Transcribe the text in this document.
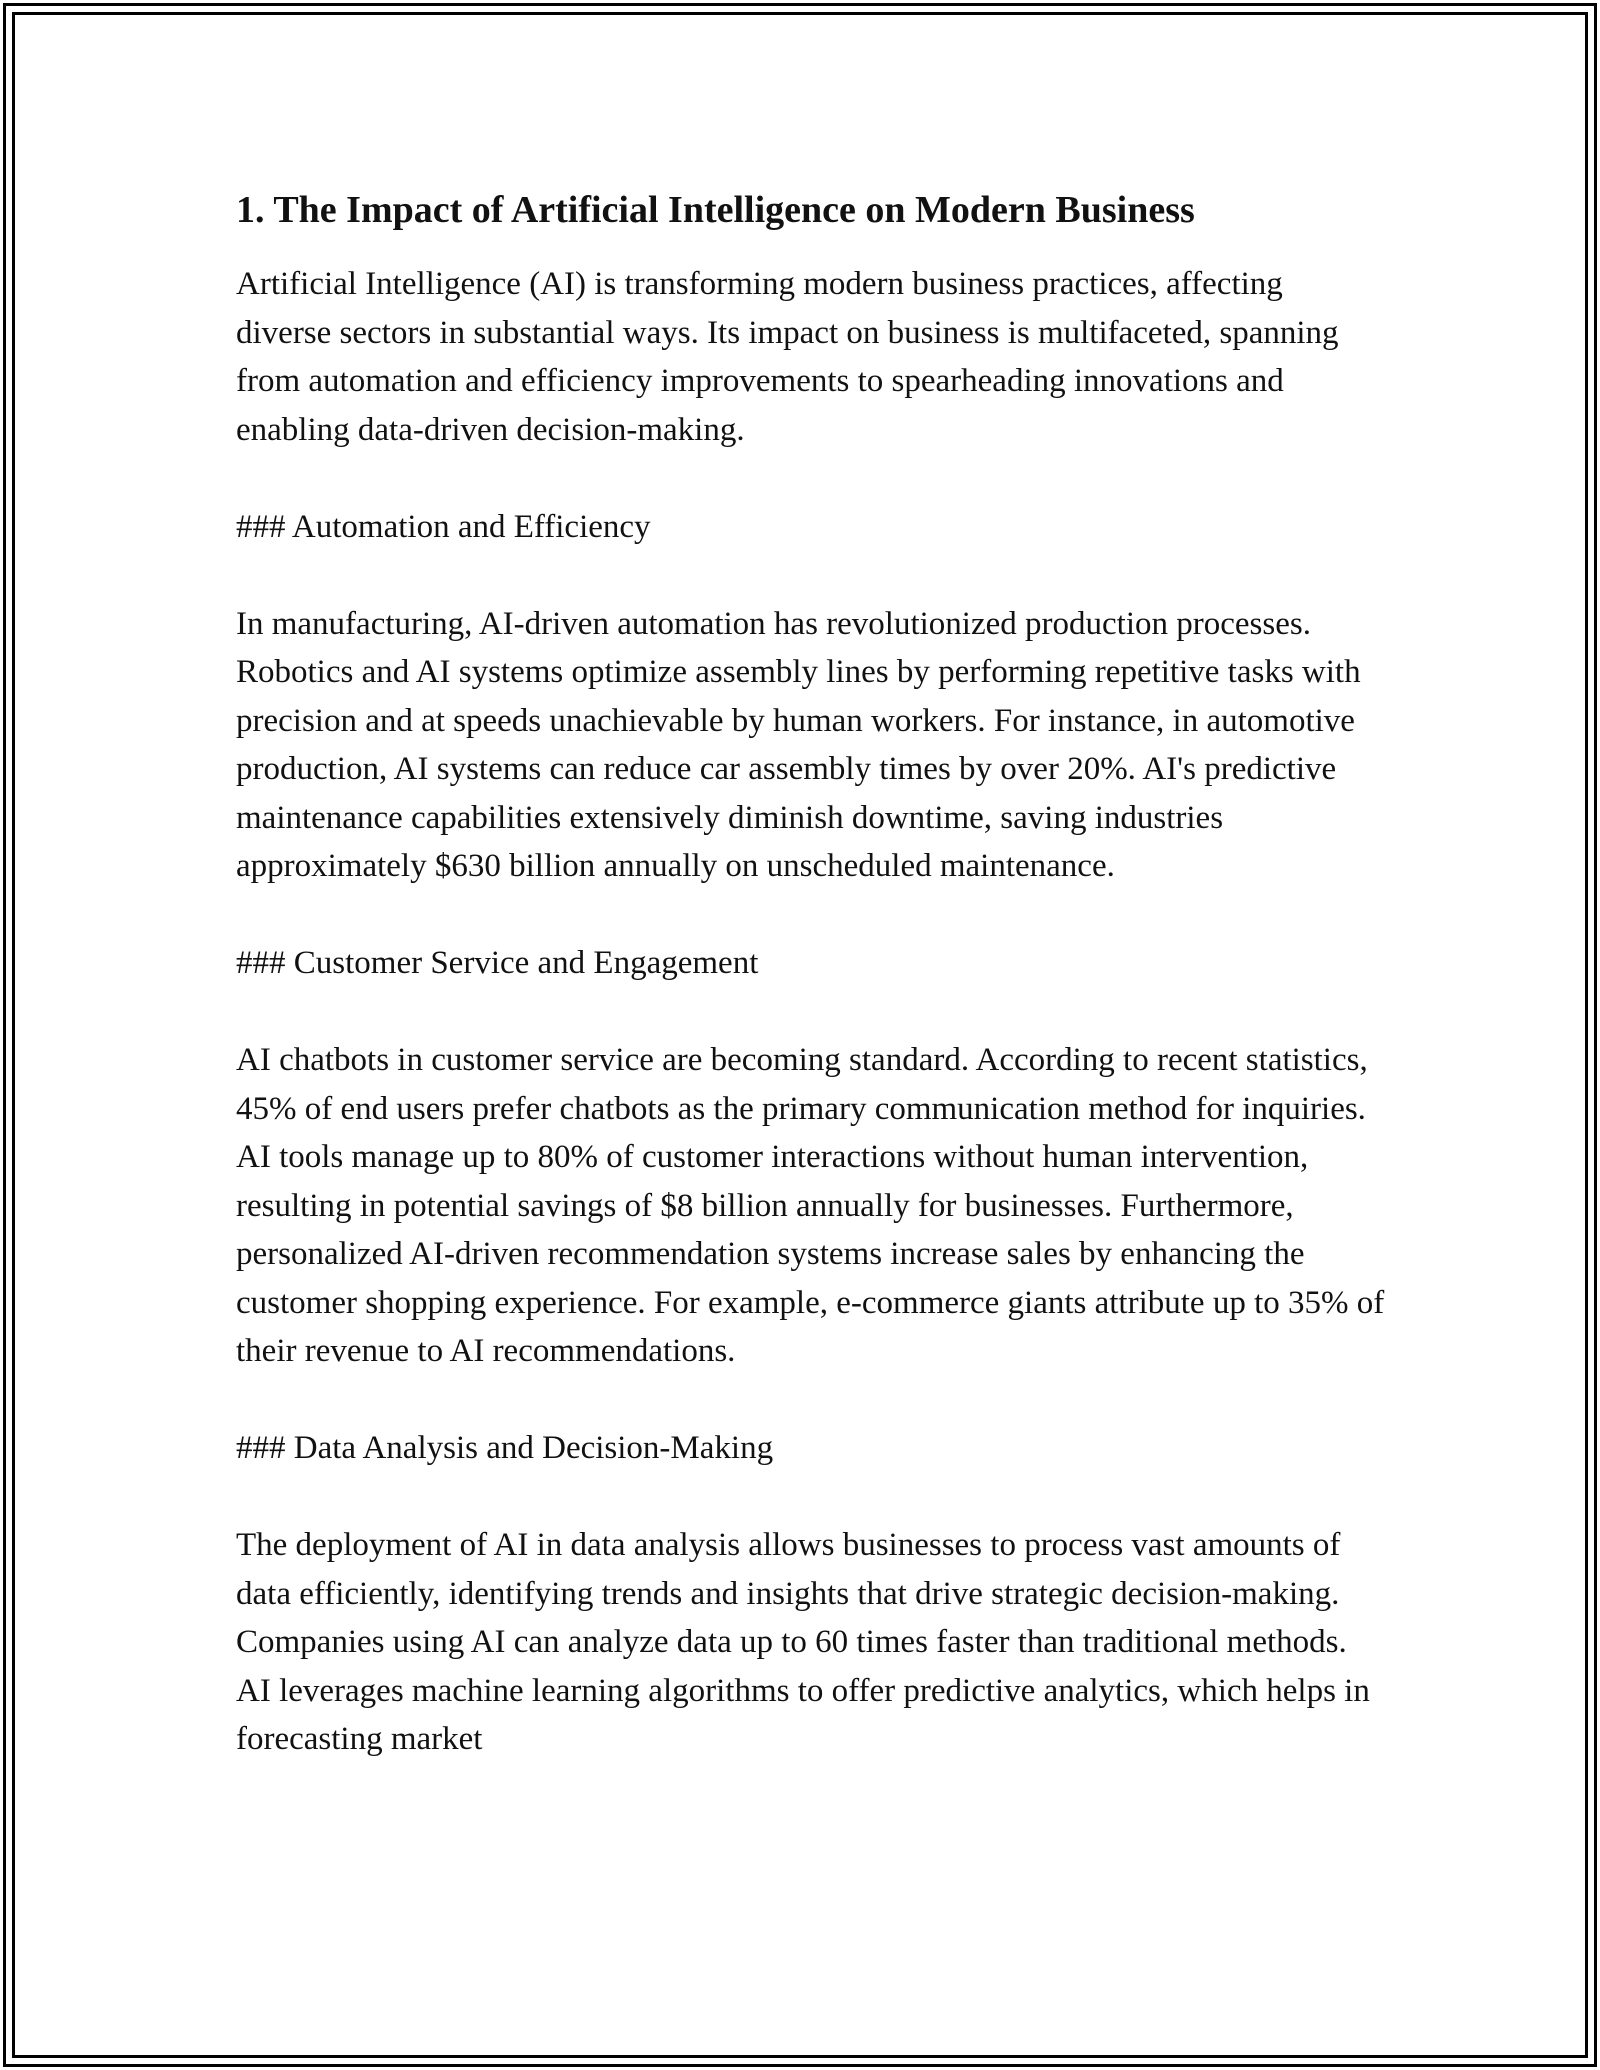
1. The Impact of Artificial Intelligence on Modern Business

Artificial Intelligence (AI) is transforming modern business practices, affecting diverse sectors in substantial ways. Its impact on business is multifaceted, spanning from automation and efficiency improvements to spearheading innovations and enabling data-driven decision-making.

### Automation and Efficiency

In manufacturing, AI-driven automation has revolutionized production processes. Robotics and AI systems optimize assembly lines by performing repetitive tasks with precision and at speeds unachievable by human workers. For instance, in automotive production, AI systems can reduce car assembly times by over 20%. AI's predictive maintenance capabilities extensively diminish downtime, saving industries approximately $630 billion annually on unscheduled maintenance.

### Customer Service and Engagement

AI chatbots in customer service are becoming standard. According to recent statistics, 45% of end users prefer chatbots as the primary communication method for inquiries. AI tools manage up to 80% of customer interactions without human intervention, resulting in potential savings of $8 billion annually for businesses. Furthermore, personalized AI-driven recommendation systems increase sales by enhancing the customer shopping experience. For example, e-commerce giants attribute up to 35% of their revenue to AI recommendations.

### Data Analysis and Decision-Making

The deployment of AI in data analysis allows businesses to process vast amounts of data efficiently, identifying trends and insights that drive strategic decision-making. Companies using AI can analyze data up to 60 times faster than traditional methods. AI leverages machine learning algorithms to offer predictive analytics, which helps in forecasting market
